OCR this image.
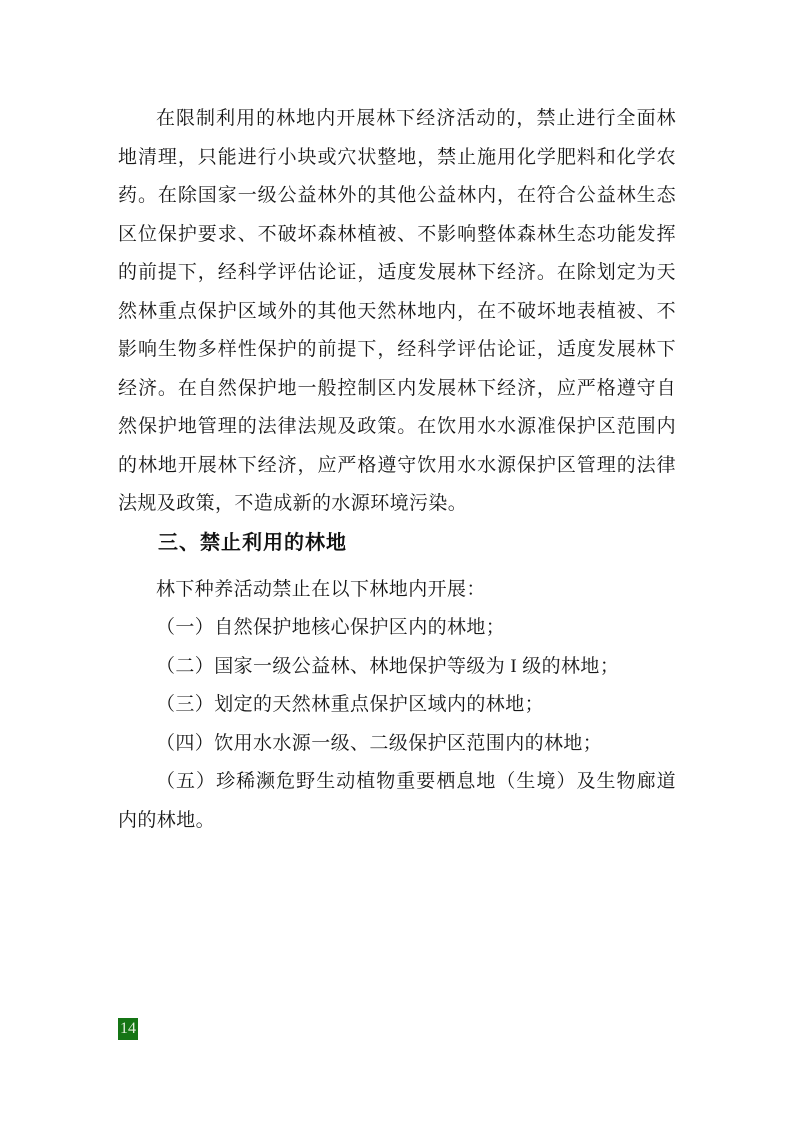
在限制利用的林地内开展林下经济活动的，禁止进行全面林地清理，只能进行小块或穴状整地，禁止施用化学肥料和化学农药。在除国家一级公益林外的其他公益林内，在符合公益林生态区位保护要求、不破坏森林植被、不影响整体森林生态功能发挥的前提下，经科学评估论证，适度发展林下经济。在除划定为天然林重点保护区域外的其他天然林地内，在不破坏地表植被、不影响生物多样性保护的前提下，经科学评估论证，适度发展林下经济。在自然保护地一般控制区内发展林下经济，应严格遵守自然保护地管理的法律法规及政策。在饮用水水源准保护区范围内的林地开展林下经济，应严格遵守饮用水水源保护区管理的法律法规及政策，不造成新的水源环境污染。

三、禁止利用的林地

林下种养活动禁止在以下林地内开展：

（一）自然保护地核心保护区内的林地；

（二）国家一级公益林、林地保护等级为 I 级的林地；

（三）划定的天然林重点保护区域内的林地；

（四）饮用水水源一级、二级保护区范围内的林地；

（五）珍稀濒危野生动植物重要栖息地（生境）及生物廊道内的林地。

14
